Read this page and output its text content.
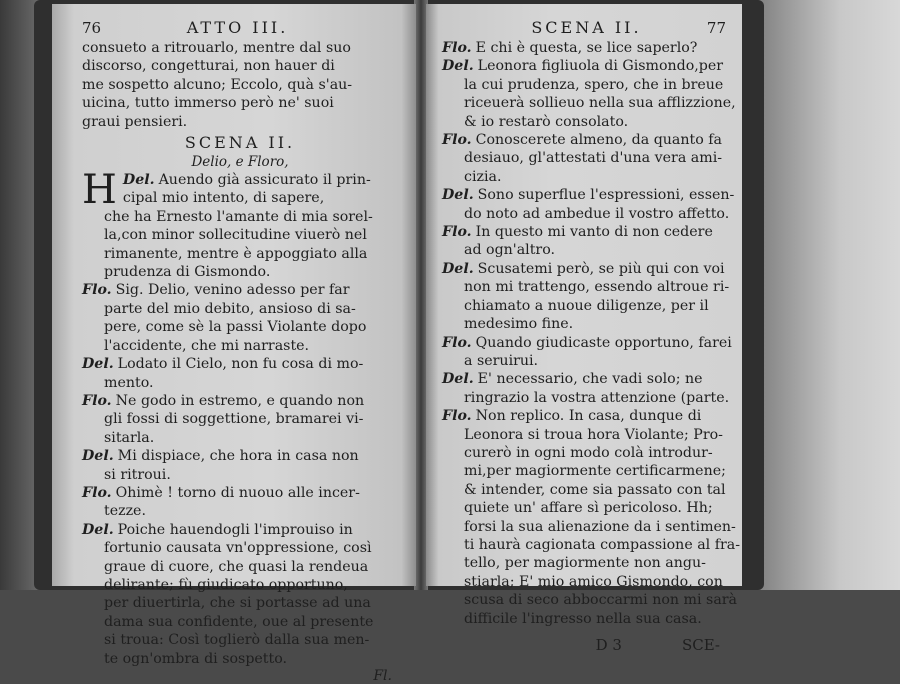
76	ATTO III.
consueto a ritrouarlo, mentre dal suo
discorso, congetturai, non hauer di
me sospetto alcuno; Eccolo, quà s'au-
uicina, tutto immerso però ne' suoi
graui pensieri.
SCENA II.
Delio, e Floro,
Del.
H	Auendo già assicurato il prin-
cipal mio intento, di sapere,
che ha Ernesto l'amante di mia sorel-
la,con minor sollecitudine viuerò nel
rimanente, mentre è appoggiato alla
prudenza di Gismondo.
Flo. Sig. Delio, venino adesso per far
parte del mio debito, ansioso di sa-
pere, come sè la passi Violante dopo
l'accidente, che mi narraste.
Del. Lodato il Cielo, non fu cosa di mo-
mento.
Flo. Ne godo in estremo, e quando non
gli fossi di soggettione, bramarei vi-
sitarla.
Del. Mi dispiace, che hora in casa non
si ritroui.
Flo. Ohimè ! torno di nuouo alle incer-
tezze.
Del. Poiche hauendogli l'improuiso in
fortunio causata vn'oppressione, così
graue di cuore, che quasi la rendeua
delirante; fù giudicato opportuno,
per diuertirla, che si portasse ad una
dama sua confidente, oue al presente
si troua: Così toglierò dalla sua men-
te ogn'ombra di sospetto.
Fl.
SCENA II.	77
Flo. E chi è questa, se lice saperlo?
Del. Leonora figliuola di Gismondo,per
la cui prudenza, spero, che in breue
riceuerà sollieuo nella sua afflizzione,
& io restarò consolato.
Flo. Conoscerete almeno, da quanto fa
desiauo, gl'attestati d'una vera ami-
cizia.
Del. Sono superflue l'espressioni, essen-
do noto ad ambedue il vostro affetto.
Flo. In questo mi vanto di non cedere
ad ogn'altro.
Del. Scusatemi però, se più qui con voi
non mi trattengo, essendo altroue ri-
chiamato a nuoue diligenze, per il
medesimo fine.
Flo. Quando giudicaste opportuno, farei
a seruirui.
Del. E' necessario, che vadi solo; ne
ringrazio la vostra attenzione (parte.
Flo. Non replico. In casa, dunque di
Leonora si troua hora Violante; Pro-
curerò in ogni modo colà introdur-
mi,per magiormente certificarmene;
& intender, come sia passato con tal
quiete un' affare sì pericoloso. Hh;
forsi la sua alienazione da i sentimen-
ti haurà cagionata compassione al fra-
tello, per magiormente non angu-
stiarla; E' mio amico Gismondo, con
scusa di seco abboccarmi non mi sarà
difficile l'ingresso nella sua casa.
D 3	SCE-
